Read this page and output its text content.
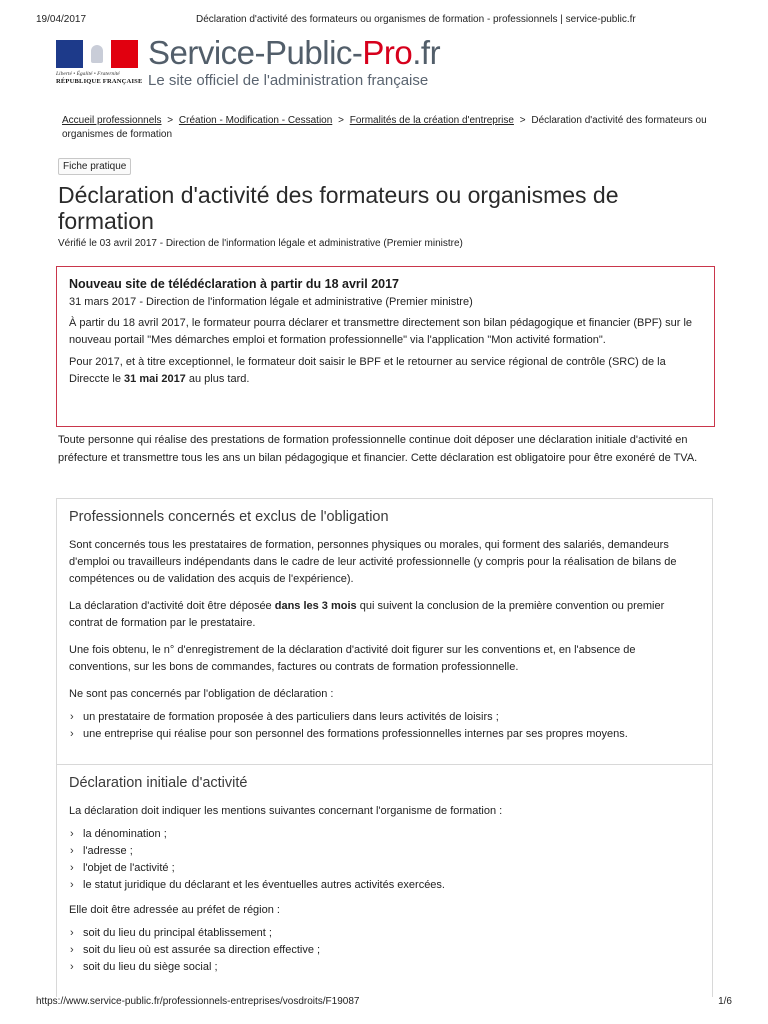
19/04/2017	Déclaration d'activité des formateurs ou organismes de formation - professionnels | service-public.fr
Liberté • Égalité • Fraternité
RÉPUBLIQUE FRANÇAISE
Service-Public-Pro.fr
Le site officiel de l'administration française
Accueil professionnels > Création - Modification - Cessation > Formalités de la création d'entreprise > Déclaration d'activité des formateurs ou organismes de formation
Fiche pratique
Déclaration d'activité des formateurs ou organismes de formation
Vérifié le 03 avril 2017 - Direction de l'information légale et administrative (Premier ministre)
Nouveau site de télédéclaration à partir du 18 avril 2017
31 mars 2017 - Direction de l'information légale et administrative (Premier ministre)

À partir du 18 avril 2017, le formateur pourra déclarer et transmettre directement son bilan pédagogique et financier (BPF) sur le nouveau portail "Mes démarches emploi et formation professionnelle" via l'application "Mon activité formation".

Pour 2017, et à titre exceptionnel, le formateur doit saisir le BPF et le retourner au service régional de contrôle (SRC) de la Direccte le 31 mai 2017 au plus tard.

Toute personne qui réalise des prestations de formation professionnelle continue doit déposer une déclaration initiale d'activité en préfecture et transmettre tous les ans un bilan pédagogique et financier. Cette déclaration est obligatoire pour être exonéré de TVA.

Professionnels concernés et exclus de l'obligation

Sont concernés tous les prestataires de formation, personnes physiques ou morales, qui forment des salariés, demandeurs d'emploi ou travailleurs indépendants dans le cadre de leur activité professionnelle (y compris pour la réalisation de bilans de compétences ou de validation des acquis de l'expérience).

La déclaration d'activité doit être déposée dans les 3 mois qui suivent la conclusion de la première convention ou premier contrat de formation par le prestataire.

Une fois obtenu, le n° d'enregistrement de la déclaration d'activité doit figurer sur les conventions et, en l'absence de conventions, sur les bons de commandes, factures ou contrats de formation professionnelle.

Ne sont pas concernés par l'obligation de déclaration :

› un prestataire de formation proposée à des particuliers dans leurs activités de loisirs ;
› une entreprise qui réalise pour son personnel des formations professionnelles internes par ses propres moyens.
Déclaration initiale d'activité

La déclaration doit indiquer les mentions suivantes concernant l'organisme de formation :

› la dénomination ;
› l'adresse ;
› l'objet de l'activité ;
› le statut juridique du déclarant et les éventuelles autres activités exercées.

Elle doit être adressée au préfet de région :

› soit du lieu du principal établissement ;
› soit du lieu où est assurée sa direction effective ;
› soit du lieu du siège social ;
https://www.service-public.fr/professionnels-entreprises/vosdroits/F19087	1/6
